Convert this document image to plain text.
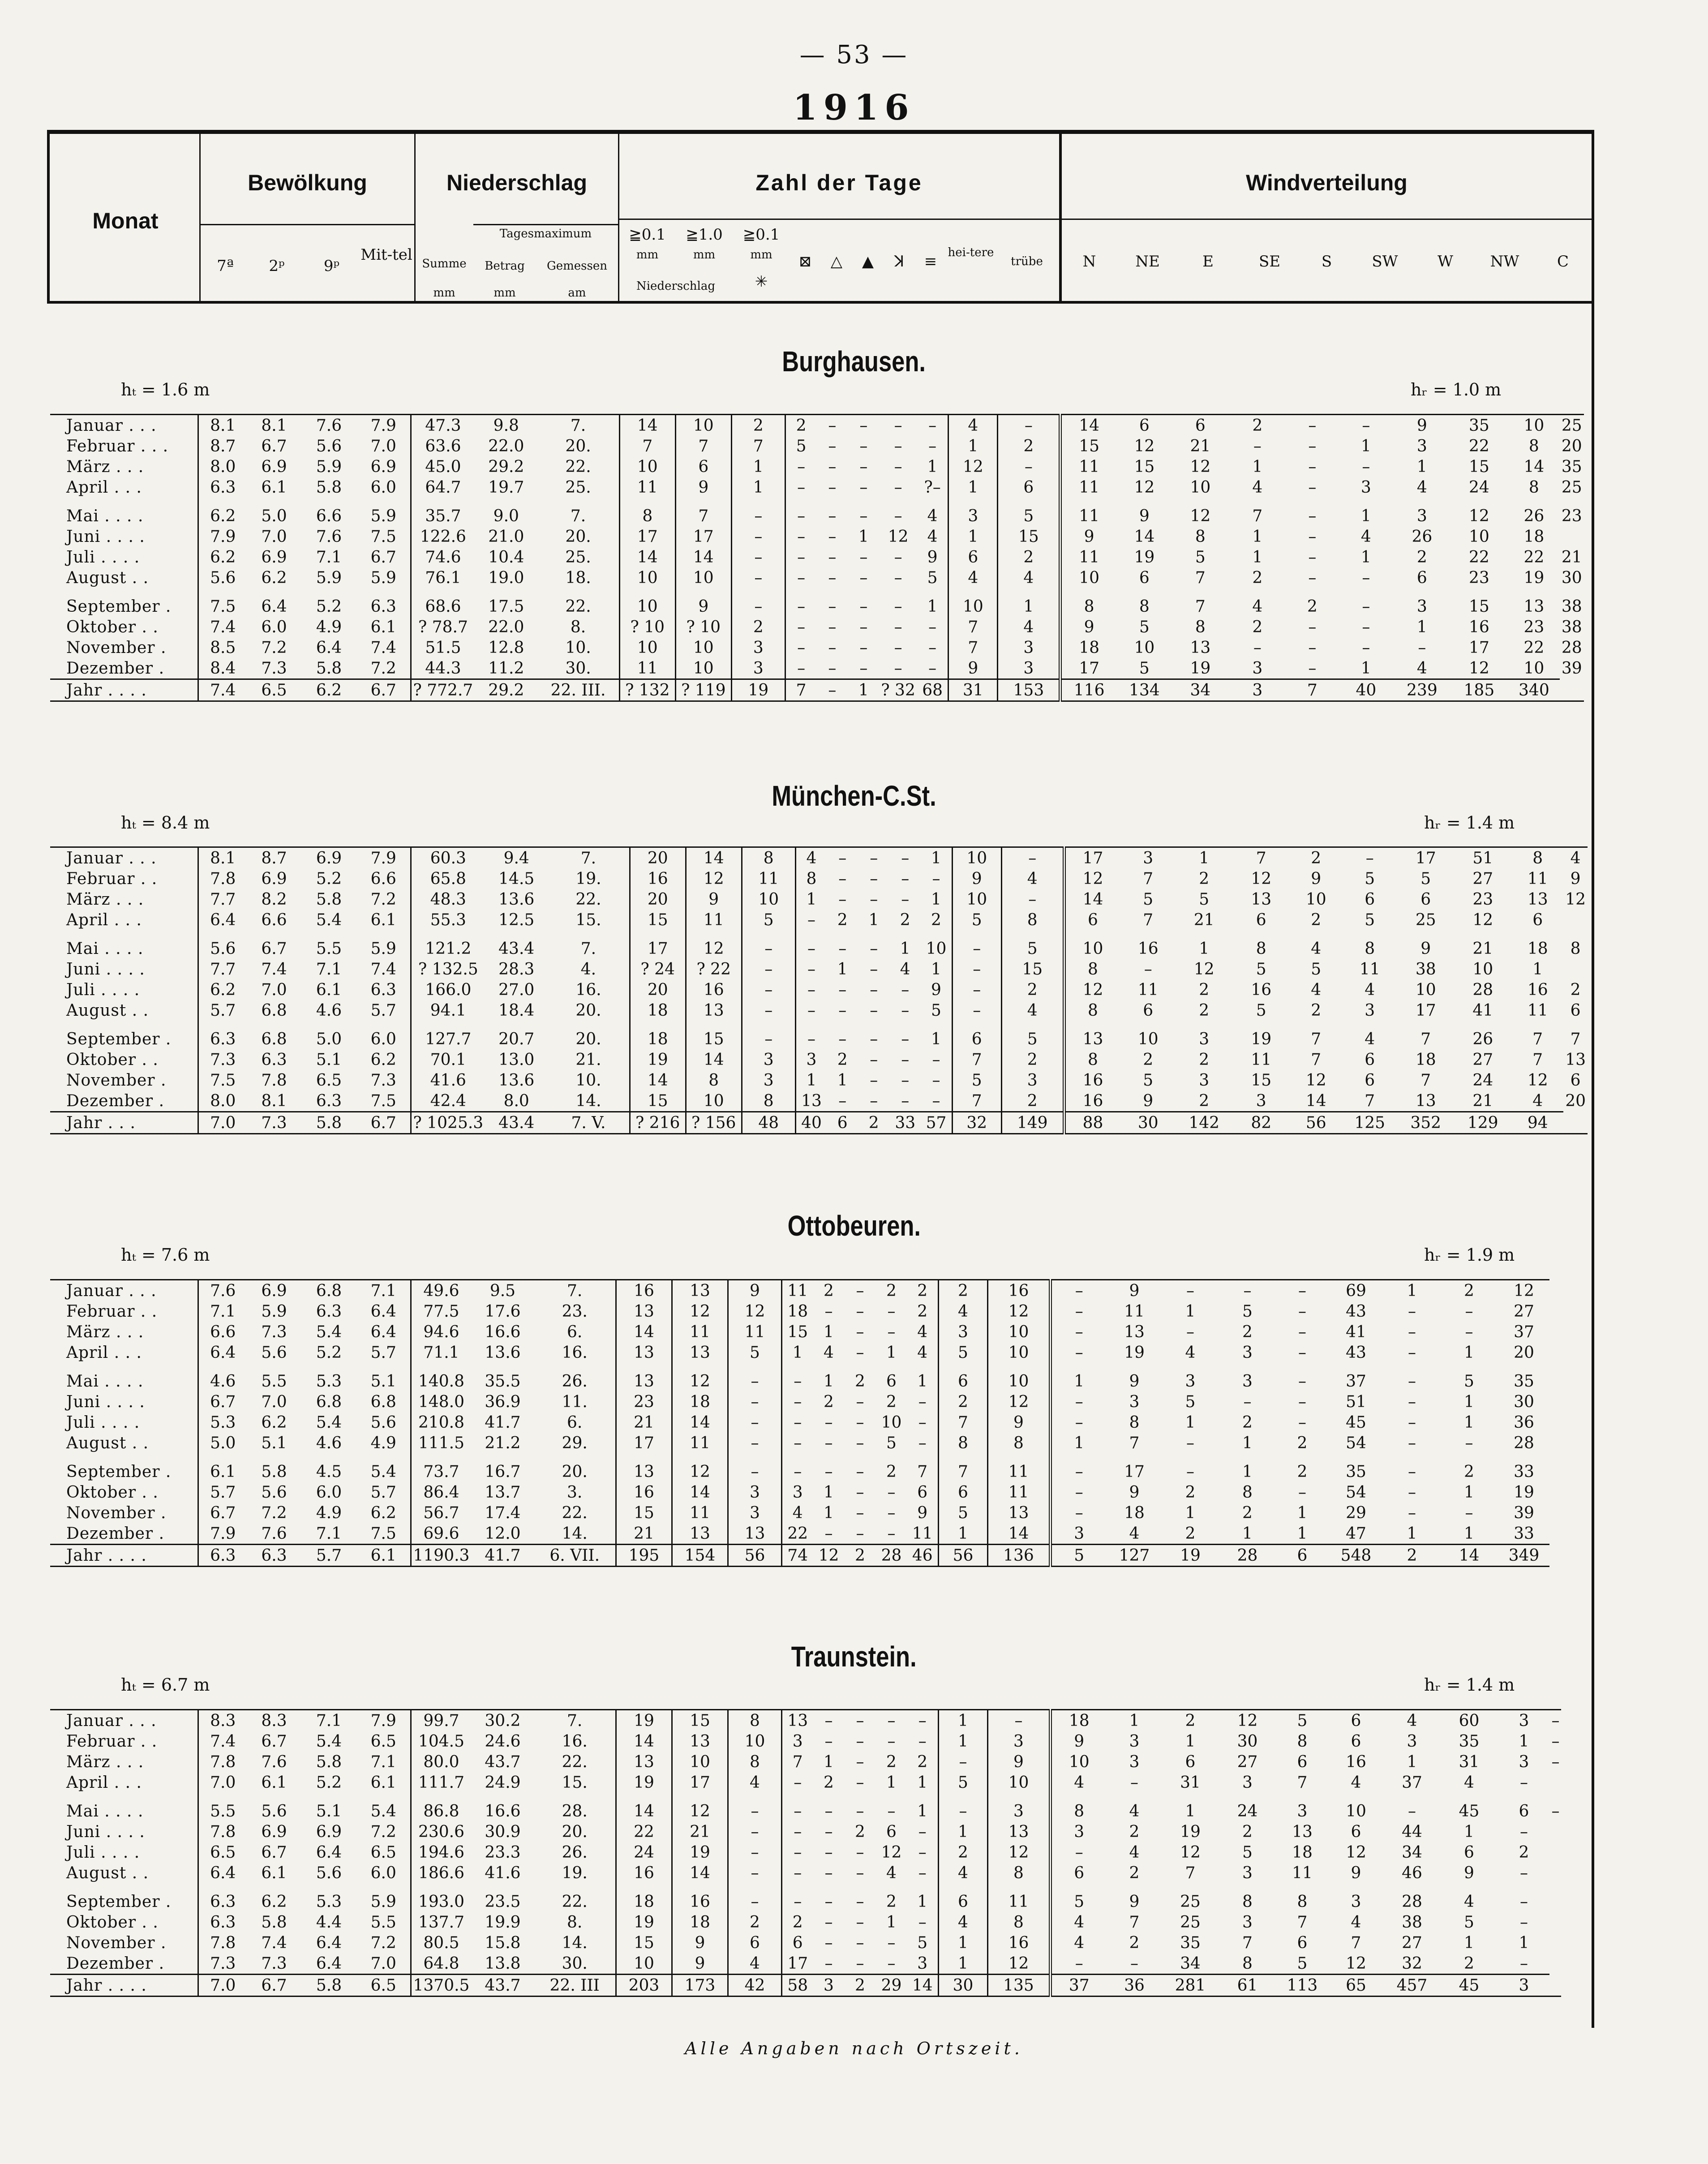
— 53 —
1916
Monat
Bewölkung
7ª	2ᵖ	9ᵖ
Mit-tel
Niederschlag
Tagesmaximum
Summe
mm
Betrag
mm
Gemessen
am
Zahl der Tage
≧0.1
mm
≧1.0
mm
Niederschlag
≧0.1
mm
✳
⊠	△	▲	ꓘ	≡ hei-tere
trübe
Windverteilung
N	NE	E	SE	S	SW	W	NW	C
Burghausen.
hₜ = 1.6 m	hᵣ = 1.0 m
Januar . . .	8.1	8.1	7.6	7.9	47.3	9.8	7.	14	10	2	2	–	–	–	–	4	–	14	6	6	2	–	–	9	35	10	25
Februar . . .	8.7	6.7	5.6	7.0	63.6	22.0	20.	7	7	7	5	–	–	–	–	1	2	15	12	21	–	–	1	3	22	8	20
März . . .	8.0	6.9	5.9	6.9	45.0	29.2	22.	10	6	1	–	–	–	–	1	12	–	11	15	12	1	–	–	1	15	14	35
April . . .	6.3	6.1	5.8	6.0	64.7	19.7	25.	11	9	1	–	–	–	–	?–	1	6	11	12	10	4	–	3	4	24	8	25
Mai . . . .	6.2	5.0	6.6	5.9	35.7	9.0	7.	8	7	–	–	–	–	–	4	3	5	11	9	12	7	–	1	3	12	26	23
Juni . . . .	7.9	7.0	7.6	7.5	122.6	21.0	20.	17	17	–	–	–	1	12	4	1	15	9	14	8	1	–	4	26	10	18	
Juli . . . .	6.2	6.9	7.1	6.7	74.6	10.4	25.	14	14	–	–	–	–	–	9	6	2	11	19	5	1	–	1	2	22	22	21
August . .	5.6	6.2	5.9	5.9	76.1	19.0	18.	10	10	–	–	–	–	–	5	4	4	10	6	7	2	–	–	6	23	19	30
September .	7.5	6.4	5.2	6.3	68.6	17.5	22.	10	9	–	–	–	–	–	1	10	1	8	8	7	4	2	–	3	15	13	38
Oktober . .	7.4	6.0	4.9	6.1	? 78.7	22.0	8.	? 10	? 10	2	–	–	–	–	–	7	4	9	5	8	2	–	–	1	16	23	38
November .	8.5	7.2	6.4	7.4	51.5	12.8	10.	10	10	3	–	–	–	–	–	7	3	18	10	13	–	–	–	–	17	22	28
Dezember .	8.4	7.3	5.8	7.2	44.3	11.2	30.	11	10	3	–	–	–	–	–	9	3	17	5	19	3	–	1	4	12	10	39
Jahr . . . .	7.4	6.5	6.2	6.7	? 772.7	29.2	22. III.	? 132	? 119	19	7	–	1	? 32	68	31	153	116	134	34	3	7	40	239	185	340	
München-C.St.
hₜ = 8.4 m	hᵣ = 1.4 m
Januar . . .	8.1	8.7	6.9	7.9	60.3	9.4	7.	20	14	8	4	–	–	–	1	10	–	17	3	1	7	2	–	17	51	8	4
Februar . .	7.8	6.9	5.2	6.6	65.8	14.5	19.	16	12	11	8	–	–	–	–	9	4	12	7	2	12	9	5	5	27	11	9
März . . .	7.7	8.2	5.8	7.2	48.3	13.6	22.	20	9	10	1	–	–	–	1	10	–	14	5	5	13	10	6	6	23	13	12
April . . .	6.4	6.6	5.4	6.1	55.3	12.5	15.	15	11	5	–	2	1	2	2	5	8	6	7	21	6	2	5	25	12	6	
Mai . . . .	5.6	6.7	5.5	5.9	121.2	43.4	7.	17	12	–	–	–	–	1	10	–	5	10	16	1	8	4	8	9	21	18	8
Juni . . . .	7.7	7.4	7.1	7.4	? 132.5	28.3	4.	? 24	? 22	–	–	1	–	4	1	–	15	8	–	12	5	5	11	38	10	1	
Juli . . . .	6.2	7.0	6.1	6.3	166.0	27.0	16.	20	16	–	–	–	–	–	9	–	2	12	11	2	16	4	4	10	28	16	2
August . .	5.7	6.8	4.6	5.7	94.1	18.4	20.	18	13	–	–	–	–	–	5	–	4	8	6	2	5	2	3	17	41	11	6
September .	6.3	6.8	5.0	6.0	127.7	20.7	20.	18	15	–	–	–	–	–	1	6	5	13	10	3	19	7	4	7	26	7	7
Oktober . .	7.3	6.3	5.1	6.2	70.1	13.0	21.	19	14	3	3	2	–	–	–	7	2	8	2	2	11	7	6	18	27	7	13
November .	7.5	7.8	6.5	7.3	41.6	13.6	10.	14	8	3	1	1	–	–	–	5	3	16	5	3	15	12	6	7	24	12	6
Dezember .	8.0	8.1	6.3	7.5	42.4	8.0	14.	15	10	8	13	–	–	–	–	7	2	16	9	2	3	14	7	13	21	4	20
Jahr . . .	7.0	7.3	5.8	6.7	? 1025.3	43.4	7. V.	? 216	? 156	48	40	6	2	33	57	32	149	88	30	142	82	56	125	352	129	94	
Ottobeuren.
hₜ = 7.6 m	hᵣ = 1.9 m
Januar . . .	7.6	6.9	6.8	7.1	49.6	9.5	7.	16	13	9	11	2	–	2	2	2	16	–	9	–	–	–	69	1	2	12
Februar . .	7.1	5.9	6.3	6.4	77.5	17.6	23.	13	12	12	18	–	–	–	2	4	12	–	11	1	5	–	43	–	–	27
März . . .	6.6	7.3	5.4	6.4	94.6	16.6	6.	14	11	11	15	1	–	–	4	3	10	–	13	–	2	–	41	–	–	37
April . . .	6.4	5.6	5.2	5.7	71.1	13.6	16.	13	13	5	1	4	–	1	4	5	10	–	19	4	3	–	43	–	1	20
Mai . . . .	4.6	5.5	5.3	5.1	140.8	35.5	26.	13	12	–	–	1	2	6	1	6	10	1	9	3	3	–	37	–	5	35
Juni . . . .	6.7	7.0	6.8	6.8	148.0	36.9	11.	23	18	–	–	2	–	2	–	2	12	–	3	5	–	–	51	–	1	30
Juli . . . .	5.3	6.2	5.4	5.6	210.8	41.7	6.	21	14	–	–	–	–	10	–	7	9	–	8	1	2	–	45	–	1	36
August . .	5.0	5.1	4.6	4.9	111.5	21.2	29.	17	11	–	–	–	–	5	–	8	8	1	7	–	1	2	54	–	–	28
September .	6.1	5.8	4.5	5.4	73.7	16.7	20.	13	12	–	–	–	–	2	7	7	11	–	17	–	1	2	35	–	2	33
Oktober . .	5.7	5.6	6.0	5.7	86.4	13.7	3.	16	14	3	3	1	–	–	6	6	11	–	9	2	8	–	54	–	1	19
November .	6.7	7.2	4.9	6.2	56.7	17.4	22.	15	11	3	4	1	–	–	9	5	13	–	18	1	2	1	29	–	–	39
Dezember .	7.9	7.6	7.1	7.5	69.6	12.0	14.	21	13	13	22	–	–	–	11	1	14	3	4	2	1	1	47	1	1	33
Jahr . . . .	6.3	6.3	5.7	6.1	1190.3	41.7	6. VII.	195	154	56	74	12	2	28	46	56	136	5	127	19	28	6	548	2	14	349
Traunstein.
hₜ = 6.7 m	hᵣ = 1.4 m
Januar . . .	8.3	8.3	7.1	7.9	99.7	30.2	7.	19	15	8	13	–	–	–	–	1	–	18	1	2	12	5	6	4	60	3	–
Februar . .	7.4	6.7	5.4	6.5	104.5	24.6	16.	14	13	10	3	–	–	–	–	1	3	9	3	1	30	8	6	3	35	1	–
März . . .	7.8	7.6	5.8	7.1	80.0	43.7	22.	13	10	8	7	1	–	2	2	–	9	10	3	6	27	6	16	1	31	3	–
April . . .	7.0	6.1	5.2	6.1	111.7	24.9	15.	19	17	4	–	2	–	1	1	5	10	4	–	31	3	7	4	37	4	–	
Mai . . . .	5.5	5.6	5.1	5.4	86.8	16.6	28.	14	12	–	–	–	–	–	1	–	3	8	4	1	24	3	10	–	45	6	–
Juni . . . .	7.8	6.9	6.9	7.2	230.6	30.9	20.	22	21	–	–	–	2	6	–	1	13	3	2	19	2	13	6	44	1	–	
Juli . . . .	6.5	6.7	6.4	6.5	194.6	23.3	26.	24	19	–	–	–	–	12	–	2	12	–	4	12	5	18	12	34	6	2	
August . .	6.4	6.1	5.6	6.0	186.6	41.6	19.	16	14	–	–	–	–	4	–	4	8	6	2	7	3	11	9	46	9	–	
September .	6.3	6.2	5.3	5.9	193.0	23.5	22.	18	16	–	–	–	–	2	1	6	11	5	9	25	8	8	3	28	4	–	
Oktober . .	6.3	5.8	4.4	5.5	137.7	19.9	8.	19	18	2	2	–	–	1	–	4	8	4	7	25	3	7	4	38	5	–	
November .	7.8	7.4	6.4	7.2	80.5	15.8	14.	15	9	6	6	–	–	–	5	1	16	4	2	35	7	6	7	27	1	1	
Dezember .	7.3	7.3	6.4	7.0	64.8	13.8	30.	10	9	4	17	–	–	–	3	1	12	–	–	34	8	5	12	32	2	–	
Jahr . . . .	7.0	6.7	5.8	6.5	1370.5	43.7	22. III	203	173	42	58	3	2	29	14	30	135	37	36	281	61	113	65	457	45	3	
Alle Angaben nach Ortszeit.
